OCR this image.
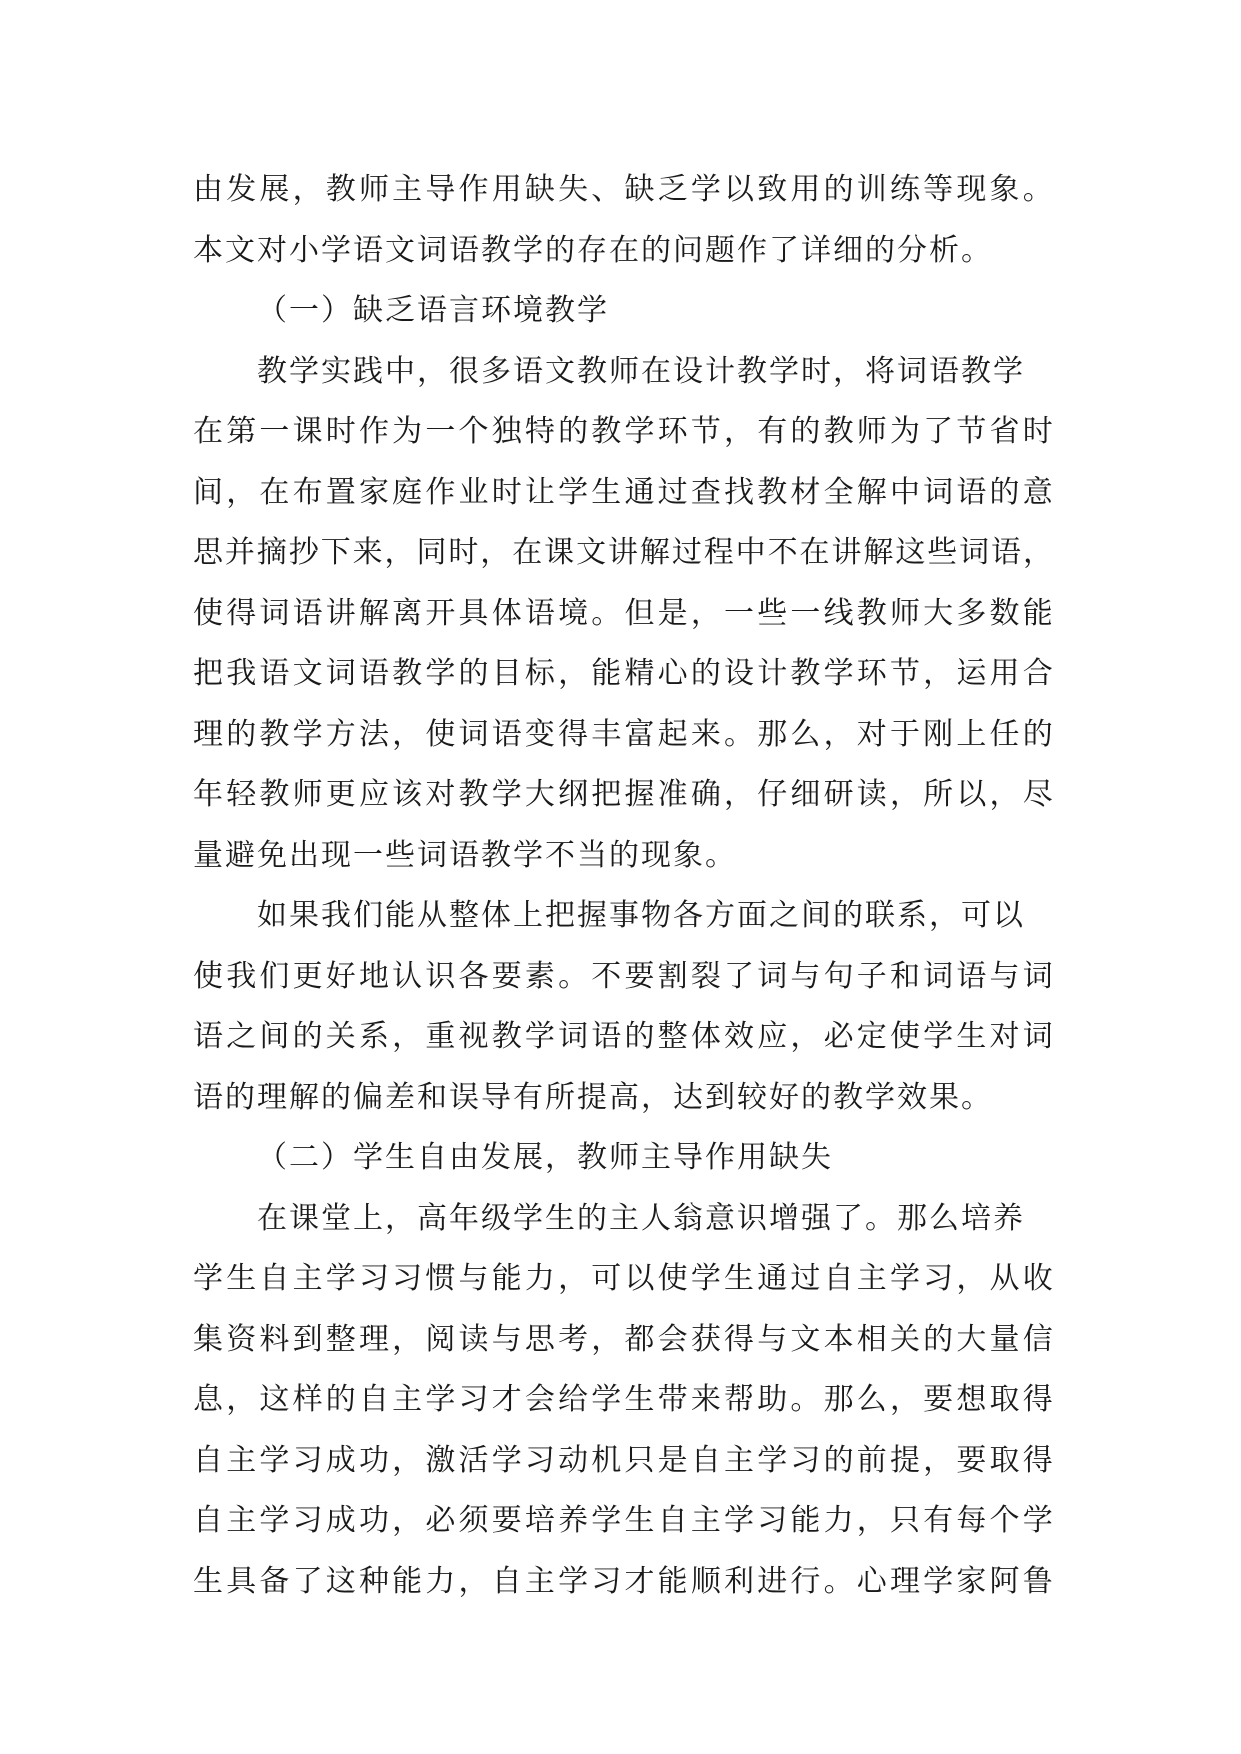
由 发 展 ， 教 师 主 导 作 用 缺 失 、 缺 乏 学 以 致 用 的 训 练 等 现 象 。
本文对小学语文词语教学的存在的问题作了详细的分析。
（一）缺乏语言环境教学
教学实践中，很多语文教师在设计教学时，将词语教学
在 第 一 课 时 作 为 一 个 独 特 的 教 学 环 节 ， 有 的 教 师 为 了 节 省 时
间 ， 在 布 置 家 庭 作 业 时 让 学 生 通 过 查 找 教 材 全 解 中 词 语 的 意
思 并 摘 抄 下 来 ， 同 时 ， 在 课 文 讲 解 过 程 中 不 在 讲 解 这 些 词 语 ，
使 得 词 语 讲 解 离 开 具 体 语 境 。 但 是 ， 一 些 一 线 教 师 大 多 数 能
把 我 语 文 词 语 教 学 的 目 标 ， 能 精 心 的 设 计 教 学 环 节 ， 运 用 合
理 的 教 学 方 法 ， 使 词 语 变 得 丰 富 起 来 。 那 么 ， 对 于 刚 上 任 的
年 轻 教 师 更 应 该 对 教 学 大 纲 把 握 准 确 ， 仔 细 研 读 ， 所 以 ， 尽
量避免出现一些词语教学不当的现象。
如果我们能从整体上把握事物各方面之间的联系，可以
使 我 们 更 好 地 认 识 各 要 素 。 不 要 割 裂 了 词 与 句 子 和 词 语 与 词
语 之 间 的 关 系 ， 重 视 教 学 词 语 的 整 体 效 应 ， 必 定 使 学 生 对 词
语的理解的偏差和误导有所提高，达到较好的教学效果。
（二）学生自由发展，教师主导作用缺失
在课堂上，高年级学生的主人翁意识增强了。那么培养
学 生 自 主 学 习 习 惯 与 能 力 ， 可 以 使 学 生 通 过 自 主 学 习 ， 从 收
集 资 料 到 整 理 ， 阅 读 与 思 考 ， 都 会 获 得 与 文 本 相 关 的 大 量 信
息 ， 这 样 的 自 主 学 习 才 会 给 学 生 带 来 帮 助 。 那 么 ， 要 想 取 得
自 主 学 习 成 功 ， 激 活 学 习 动 机 只 是 自 主 学 习 的 前 提 ， 要 取 得
自 主 学 习 成 功 ， 必 须 要 培 养 学 生 自 主 学 习 能 力 ， 只 有 每 个 学
生 具 备 了 这 种 能 力 ， 自 主 学 习 才 能 顺 利 进 行 。 心 理 学 家 阿 鲁
